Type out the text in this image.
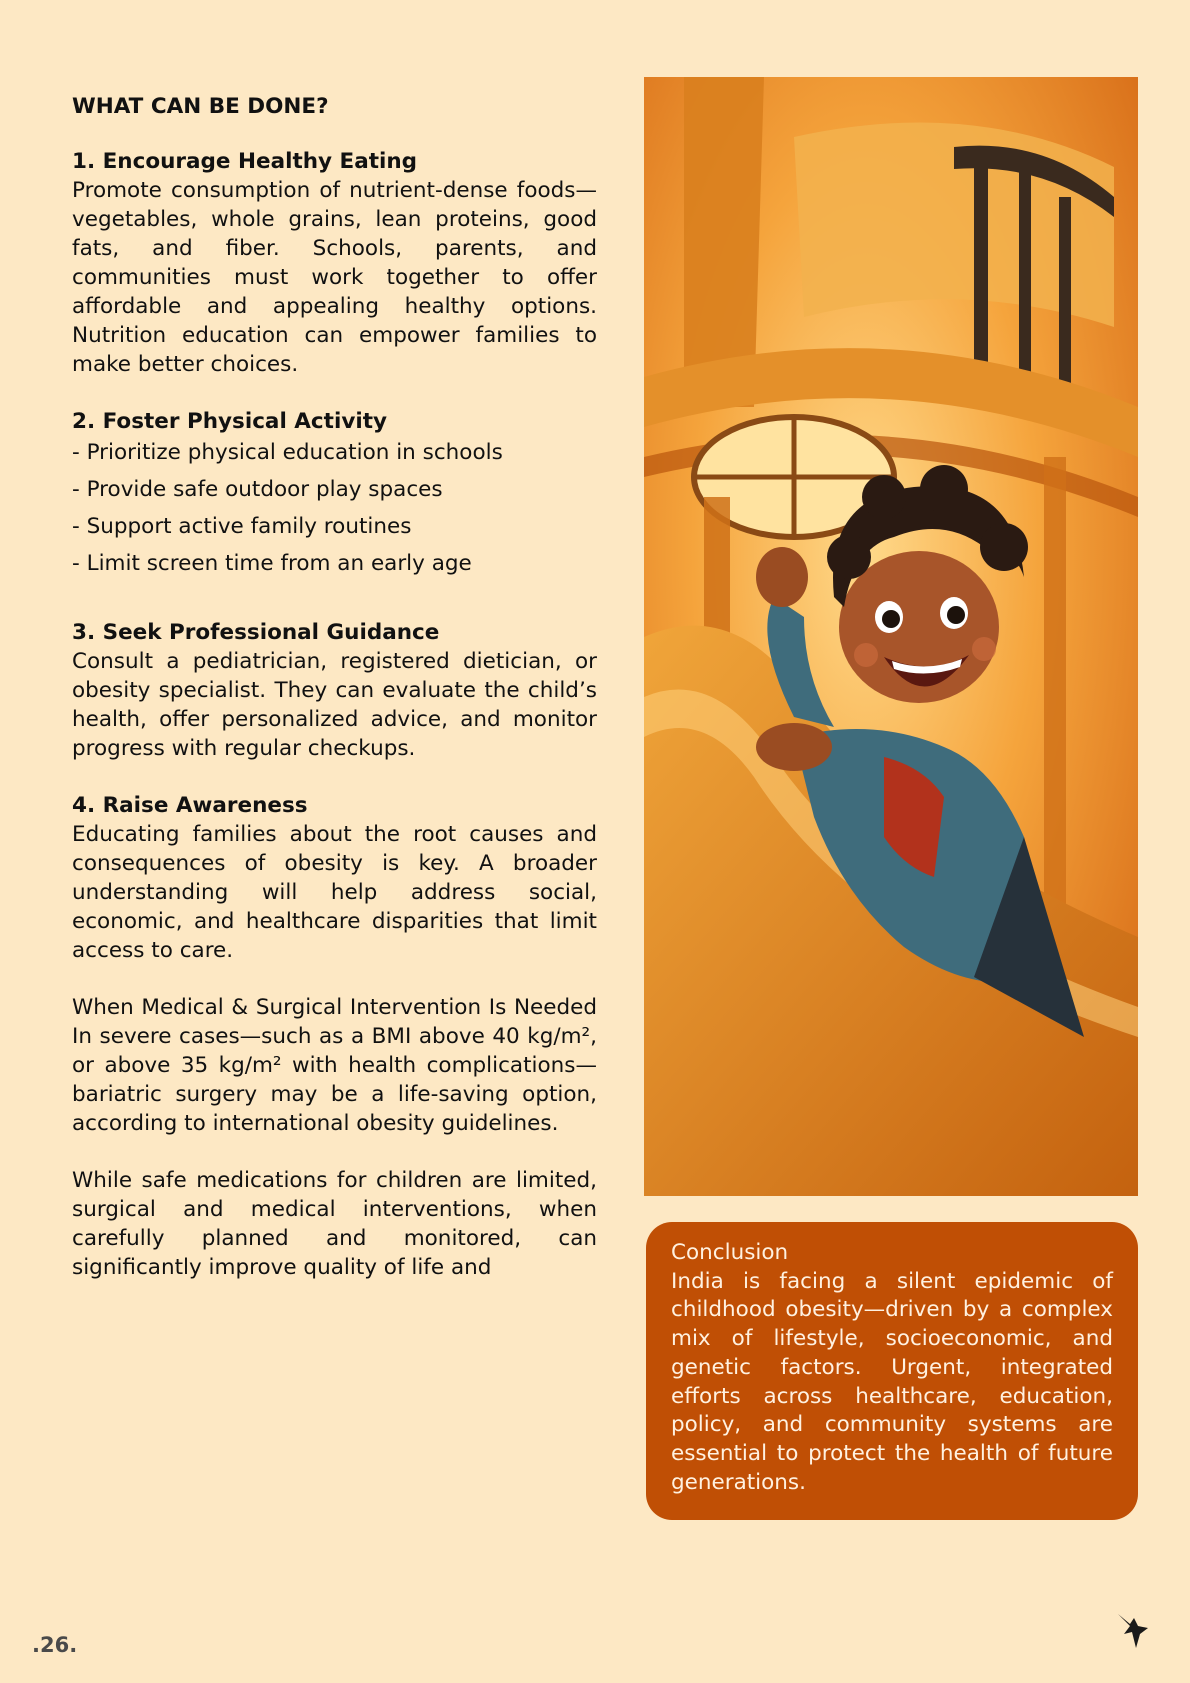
WHAT CAN BE DONE?

1. Encourage Healthy Eating

Promote consumption of nutrient-dense foods—vegetables, whole grains, lean proteins, good fats, and fiber. Schools, parents, and communities must work together to offer affordable and appealing healthy options. Nutrition education can empower families to make better choices.

2. Foster Physical Activity

- Prioritize physical education in schools
- Provide safe outdoor play spaces
- Support active family routines
- Limit screen time from an early age

3. Seek Professional Guidance

Consult a pediatrician, registered dietician, or obesity specialist. They can evaluate the child’s health, offer personalized advice, and monitor progress with regular checkups.

4. Raise Awareness

Educating families about the root causes and consequences of obesity is key. A broader understanding will help address social, economic, and healthcare disparities that limit access to care.

When Medical & Surgical Intervention Is Needed In severe cases—such as a BMI above 40 kg/m², or above 35 kg/m² with health complications—bariatric surgery may be a life-saving option, according to international obesity guidelines.

While safe medications for children are limited, surgical and medical interventions, when carefully planned and monitored, can significantly improve quality of life and

Conclusion

India is facing a silent epidemic of childhood obesity—driven by a complex mix of lifestyle, socioeconomic, and genetic factors. Urgent, integrated efforts across healthcare, education, policy, and community systems are essential to protect the health of future generations.

.26.
